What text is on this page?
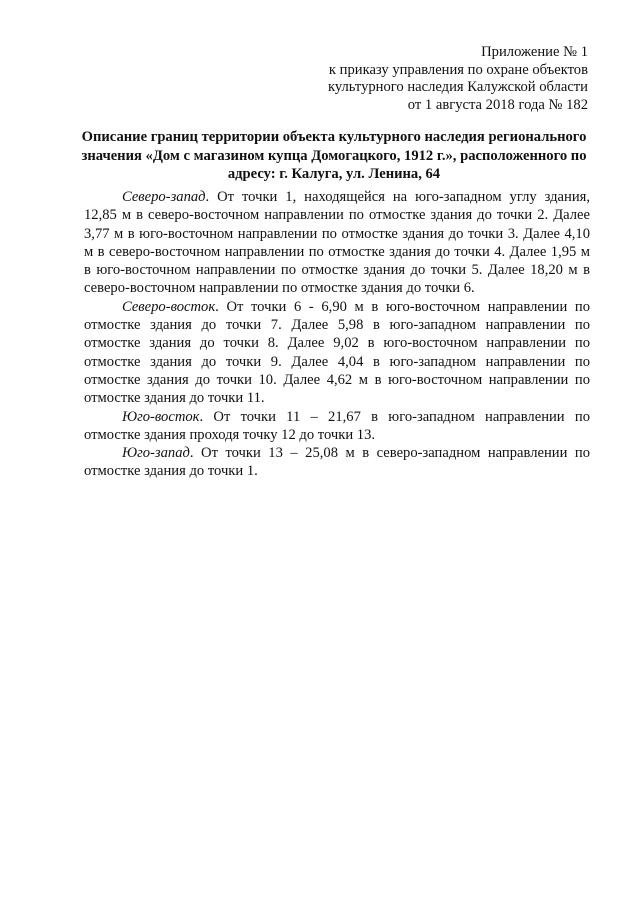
Приложение № 1
к приказу управления по охране объектов
культурного наследия Калужской области
от 1 августа 2018 года № 182
Описание границ территории объекта культурного наследия регионального значения «Дом с магазином купца Домогацкого, 1912 г.», расположенного по адресу: г. Калуга, ул. Ленина, 64

Северо-запад. От точки 1, находящейся на юго-западном углу здания, 12,85 м в северо-восточном направлении по отмостке здания до точки 2. Далее 3,77 м в юго-восточном направлении по отмостке здания до точки 3. Далее 4,10 м в северо-восточном направлении по отмостке здания до точки 4. Далее 1,95 м в юго-восточном направлении по отмостке здания до точки 5. Далее 18,20 м в северо-восточном направлении по отмостке здания до точки 6.

Северо-восток. От точки 6 - 6,90 м в юго-восточном направлении по отмостке здания до точки 7. Далее 5,98 в юго-западном направлении по отмостке здания до точки 8. Далее 9,02 в юго-восточном направлении по отмостке здания до точки 9. Далее 4,04 в юго-западном направлении по отмостке здания до точки 10. Далее 4,62 м в юго-восточном направлении по отмостке здания до точки 11.

Юго-восток. От точки 11 – 21,67 в юго-западном направлении по отмостке здания проходя точку 12 до точки 13.

Юго-запад. От точки 13 – 25,08 м в северо-западном направлении по отмостке здания до точки 1.
